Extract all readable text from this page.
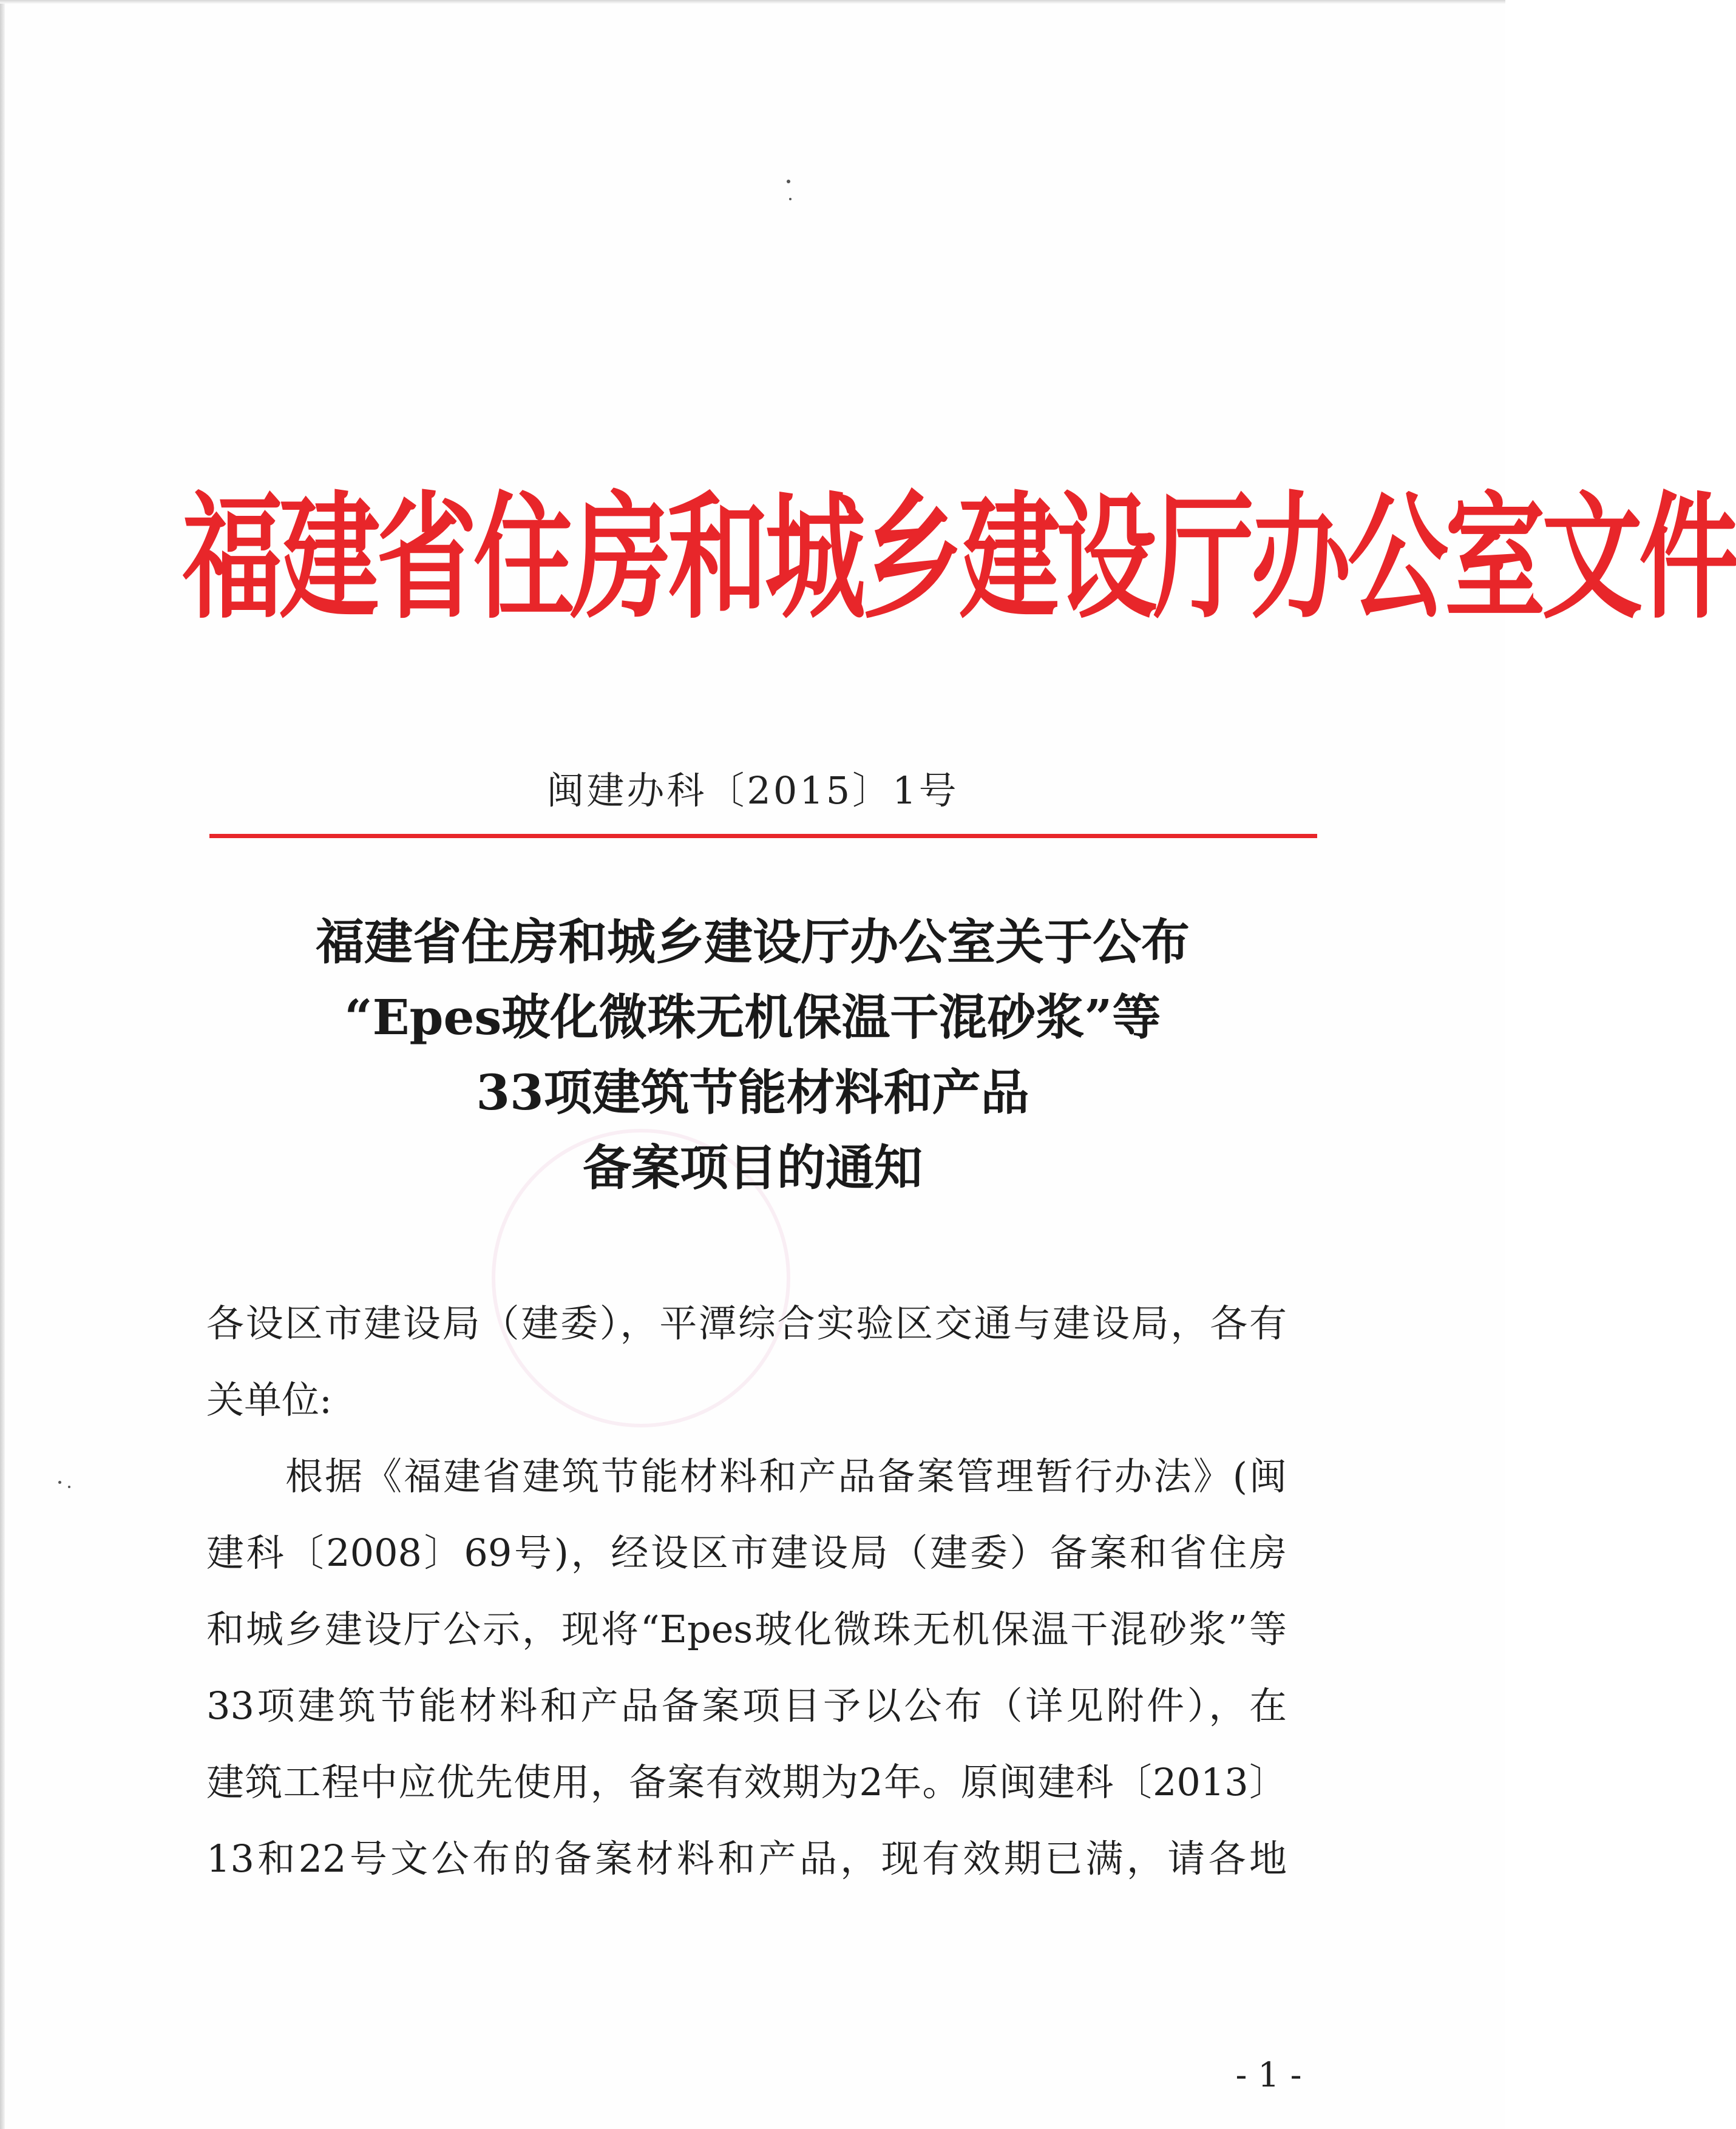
福建省住房和城乡建设厅办公室文件
闽建办科〔2015〕1号
福建省住房和城乡建设厅办公室关于公布
“Epes玻化微珠无机保温干混砂浆”等
33项建筑节能材料和产品
备案项目的通知
各设区市建设局（建委），平潭综合实验区交通与建设局，各有
关单位:
　　根据《福建省建筑节能材料和产品备案管理暂行办法》(闽
建科〔2008〕69号)，经设区市建设局（建委）备案和省住房
和城乡建设厅公示，现将“Epes玻化微珠无机保温干混砂浆”等
33项建筑节能材料和产品备案项目予以公布（详见附件），在
建筑工程中应优先使用，备案有效期为2年。原闽建科〔2013〕
13和22号文公布的备案材料和产品，现有效期已满，请各地
- 1 -
